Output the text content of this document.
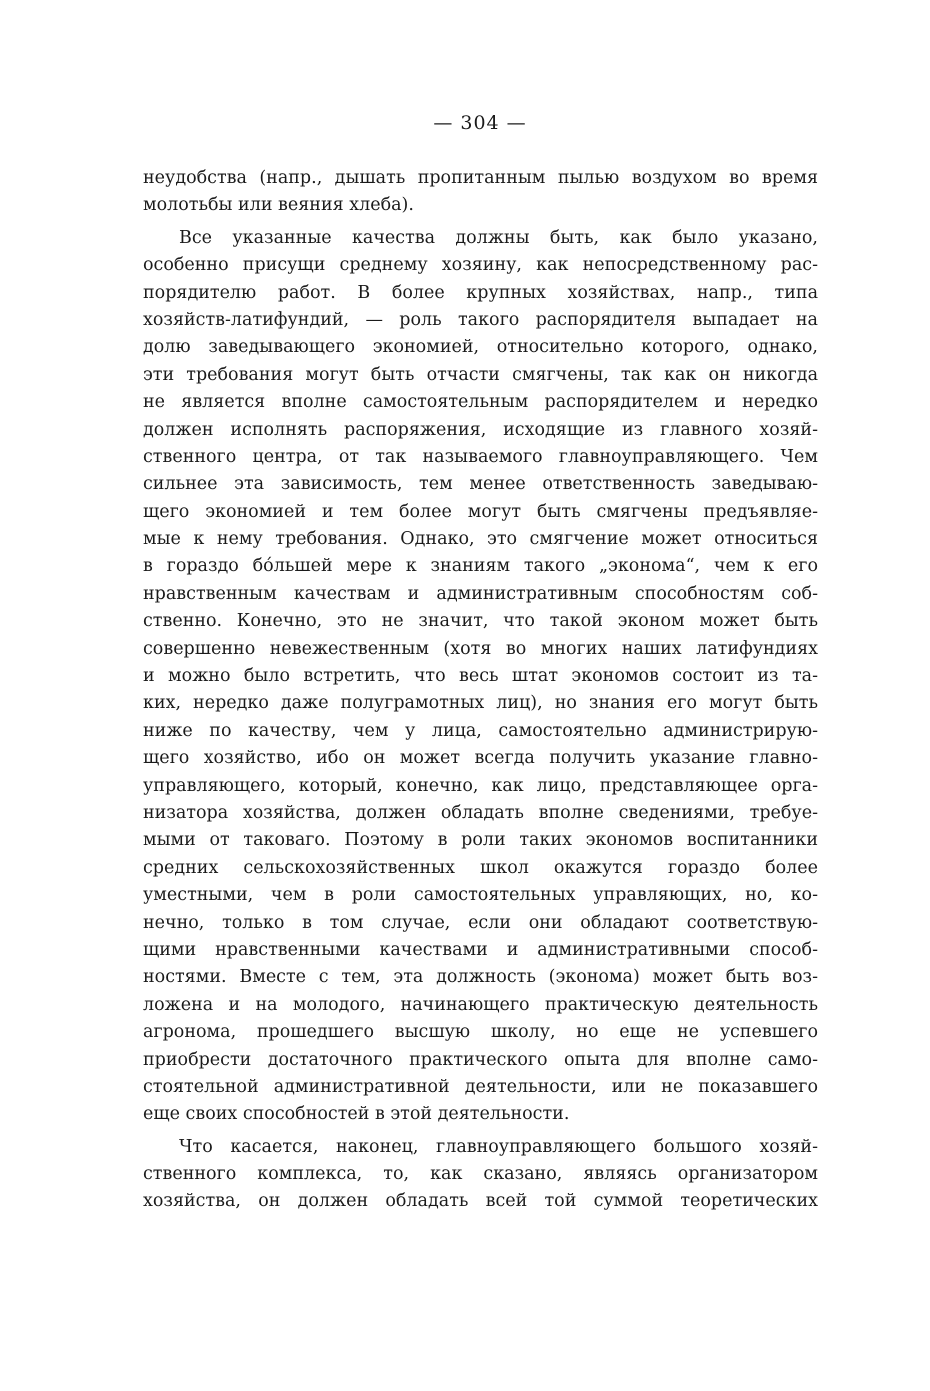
— 304 —
неудобства (напр., дышать пропитанным пылью воздухом во время
молотьбы или веяния хлеба).
Все указанные качества должны быть, как было указано,
особенно присущи среднему хозяину, как непосредственному рас-
порядителю работ. В более крупных хозяйствах, напр., типа
хозяйств-латифундий, — роль такого распорядителя выпадает на
долю заведывающего экономией, относительно которого, однако,
эти требования могут быть отчасти смягчены, так как он никогда
не является вполне самостоятельным распорядителем и нередко
должен исполнять распоряжения, исходящие из главного хозяй-
ственного центра, от так называемого главноуправляющего. Чем
сильнее эта зависимость, тем менее ответственность заведываю-
щего экономией и тем более могут быть смягчены предъявляе-
мые к нему требования. Однако, это смягчение может относиться
в гораздо бо́льшей мере к знаниям такого „эконома“, чем к его
нравственным качествам и административным способностям соб-
ственно. Конечно, это не значит, что такой эконом может быть
совершенно невежественным (хотя во многих наших латифундиях
и можно было встретить, что весь штат экономов состоит из та-
ких, нередко даже полуграмотных лиц), но знания его могут быть
ниже по качеству, чем у лица, самостоятельно администрирую-
щего хозяйство, ибо он может всегда получить указание главно-
управляющего, который, конечно, как лицо, представляющее орга-
низатора хозяйства, должен обладать вполне сведениями, требуе-
мыми от таковаго. Поэтому в роли таких экономов воспитанники
средних сельскохозяйственных школ окажутся гораздо более
уместными, чем в роли самостоятельных управляющих, но, ко-
нечно, только в том случае, если они обладают соответствую-
щими нравственными качествами и административными способ-
ностями. Вместе с тем, эта должность (эконома) может быть воз-
ложена и на молодого, начинающего практическую деятельность
агронома, прошедшего высшую школу, но еще не успевшего
приобрести достаточного практического опыта для вполне само-
стоятельной административной деятельности, или не показавшего
еще своих способностей в этой деятельности.
Что касается, наконец, главноуправляющего большого хозяй-
ственного комплекса, то, как сказано, являясь организатором
хозяйства, он должен обладать всей той суммой теоретических
